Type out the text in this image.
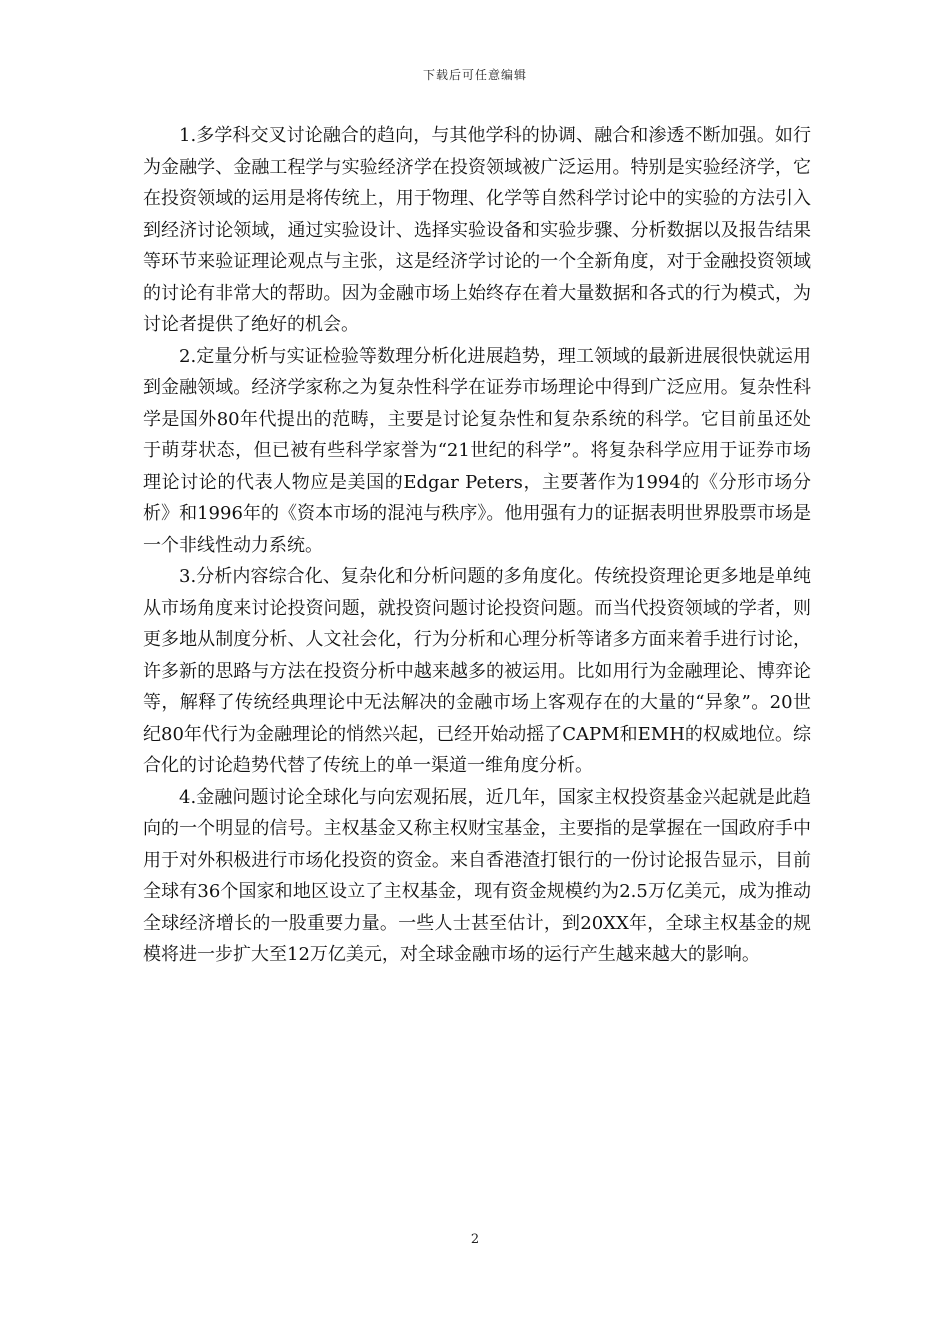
下载后可任意编辑

1.多学科交叉讨论融合的趋向，与其他学科的协调、融合和渗透不断加强。如行为金融学、金融工程学与实验经济学在投资领域被广泛运用。特别是实验经济学，它在投资领域的运用是将传统上，用于物理、化学等自然科学讨论中的实验的方法引入到经济讨论领域，通过实验设计、选择实验设备和实验步骤、分析数据以及报告结果等环节来验证理论观点与主张，这是经济学讨论的一个全新角度，对于金融投资领域的讨论有非常大的帮助。因为金融市场上始终存在着大量数据和各式的行为模式，为讨论者提供了绝好的机会。

2.定量分析与实证检验等数理分析化进展趋势，理工领域的最新进展很快就运用到金融领域。经济学家称之为复杂性科学在证券市场理论中得到广泛应用。复杂性科学是国外80年代提出的范畴，主要是讨论复杂性和复杂系统的科学。它目前虽还处于萌芽状态，但已被有些科学家誉为“21世纪的科学”。将复杂科学应用于证券市场理论讨论的代表人物应是美国的Edgar Peters，主要著作为1994的《分形市场分析》和1996年的《资本市场的混沌与秩序》。他用强有力的证据表明世界股票市场是一个非线性动力系统。

3.分析内容综合化、复杂化和分析问题的多角度化。传统投资理论更多地是单纯从市场角度来讨论投资问题，就投资问题讨论投资问题。而当代投资领域的学者，则更多地从制度分析、人文社会化，行为分析和心理分析等诸多方面来着手进行讨论，许多新的思路与方法在投资分析中越来越多的被运用。比如用行为金融理论、博弈论等，解释了传统经典理论中无法解决的金融市场上客观存在的大量的“异象”。20世纪80年代行为金融理论的悄然兴起，已经开始动摇了CAPM和EMH的权威地位。综合化的讨论趋势代替了传统上的单一渠道一维角度分析。

4.金融问题讨论全球化与向宏观拓展，近几年，国家主权投资基金兴起就是此趋向的一个明显的信号。主权基金又称主权财宝基金，主要指的是掌握在一国政府手中用于对外积极进行市场化投资的资金。来自香港渣打银行的一份讨论报告显示，目前全球有36个国家和地区设立了主权基金，现有资金规模约为2.5万亿美元，成为推动全球经济增长的一股重要力量。一些人士甚至估计，到20XX年，全球主权基金的规模将进一步扩大至12万亿美元，对全球金融市场的运行产生越来越大的影响。

2
